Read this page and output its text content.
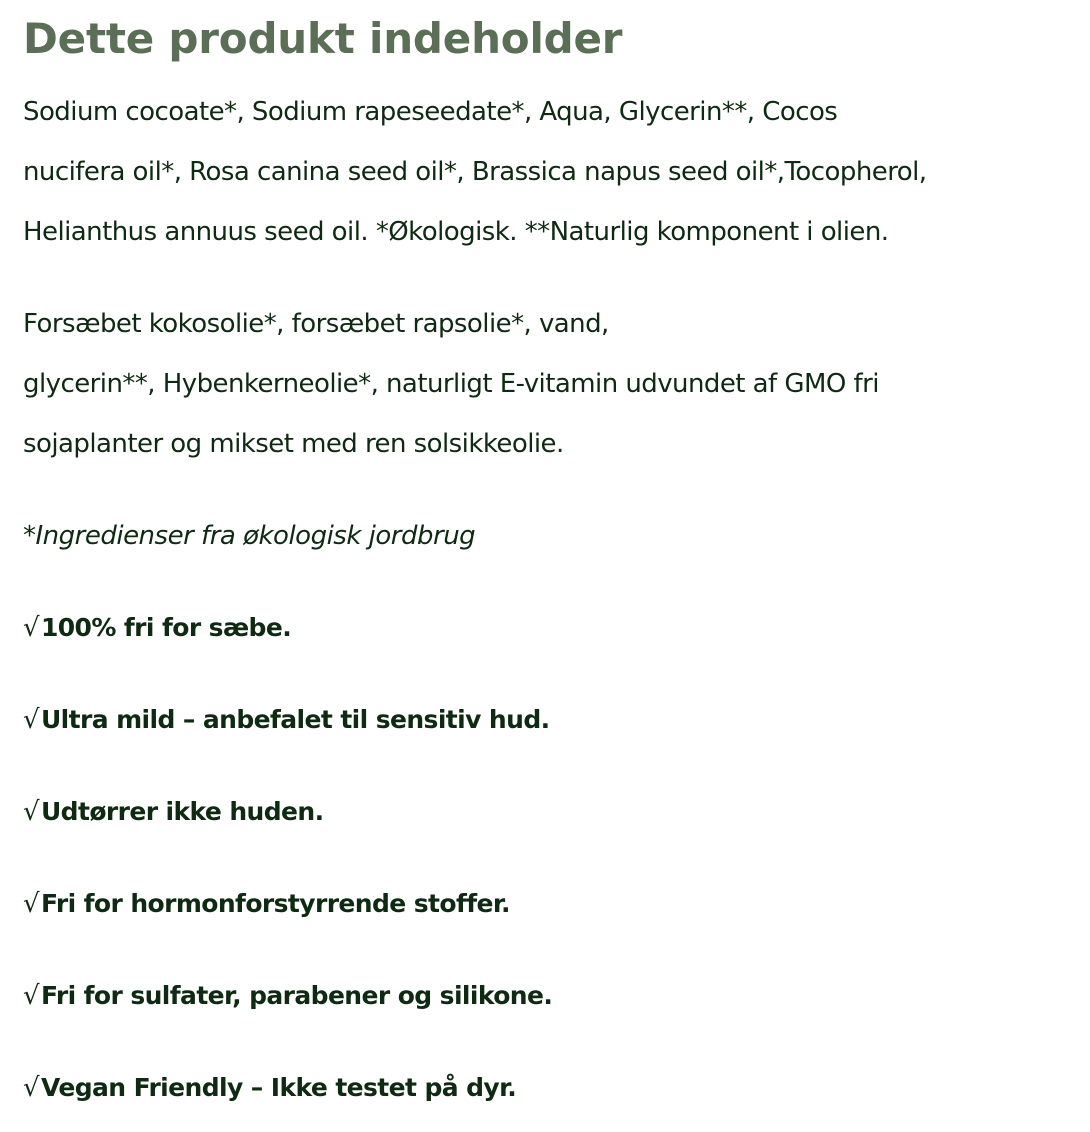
Dette produkt indeholder

Sodium cocoate*, Sodium rapeseedate*, Aqua, Glycerin**, Cocos
nucifera oil*, Rosa canina seed oil*, Brassica napus seed oil*,Tocopherol,
Helianthus annuus seed oil. *Økologisk. **Naturlig komponent i olien.

Forsæbet kokosolie*, forsæbet rapsolie*, vand,
glycerin**, Hybenkerneolie*, naturligt E-vitamin udvundet af GMO fri
sojaplanter og mikset med ren solsikkeolie.

*Ingredienser fra økologisk jordbrug

√100% fri for sæbe.
√Ultra mild – anbefalet til sensitiv hud.
√Udtørrer ikke huden.
√Fri for hormonforstyrrende stoffer.
√Fri for sulfater, parabener og silikone.
√Vegan Friendly – Ikke testet på dyr.
